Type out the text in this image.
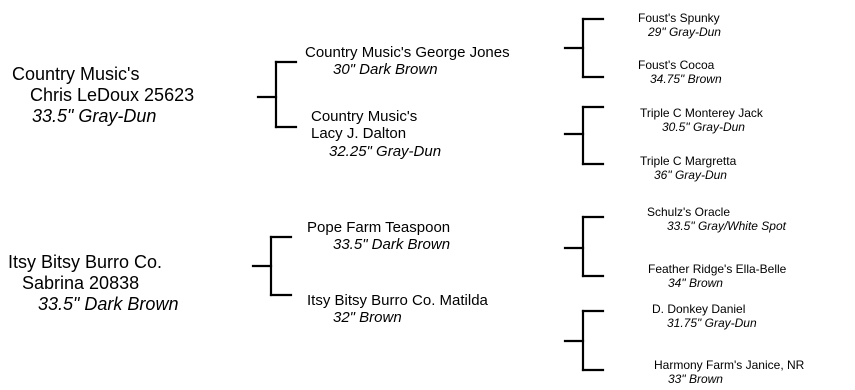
Country Music's
Chris LeDoux 25623
33.5" Gray-Dun
Country Music's George Jones
30" Dark Brown
Country Music's
Lacy J. Dalton
32.25" Gray-Dun
Foust's Spunky
29" Gray-Dun
Foust's Cocoa
34.75" Brown
Triple C Monterey Jack
30.5" Gray-Dun
Triple C Margretta
36" Gray-Dun
Itsy Bitsy Burro Co.
Sabrina 20838
33.5" Dark Brown
Pope Farm Teaspoon
33.5" Dark Brown
Itsy Bitsy Burro Co. Matilda
32" Brown
Schulz's Oracle
33.5" Gray/White Spot
Feather Ridge's Ella-Belle
34" Brown
D. Donkey Daniel
31.75" Gray-Dun
Harmony Farm's Janice, NR
33" Brown
